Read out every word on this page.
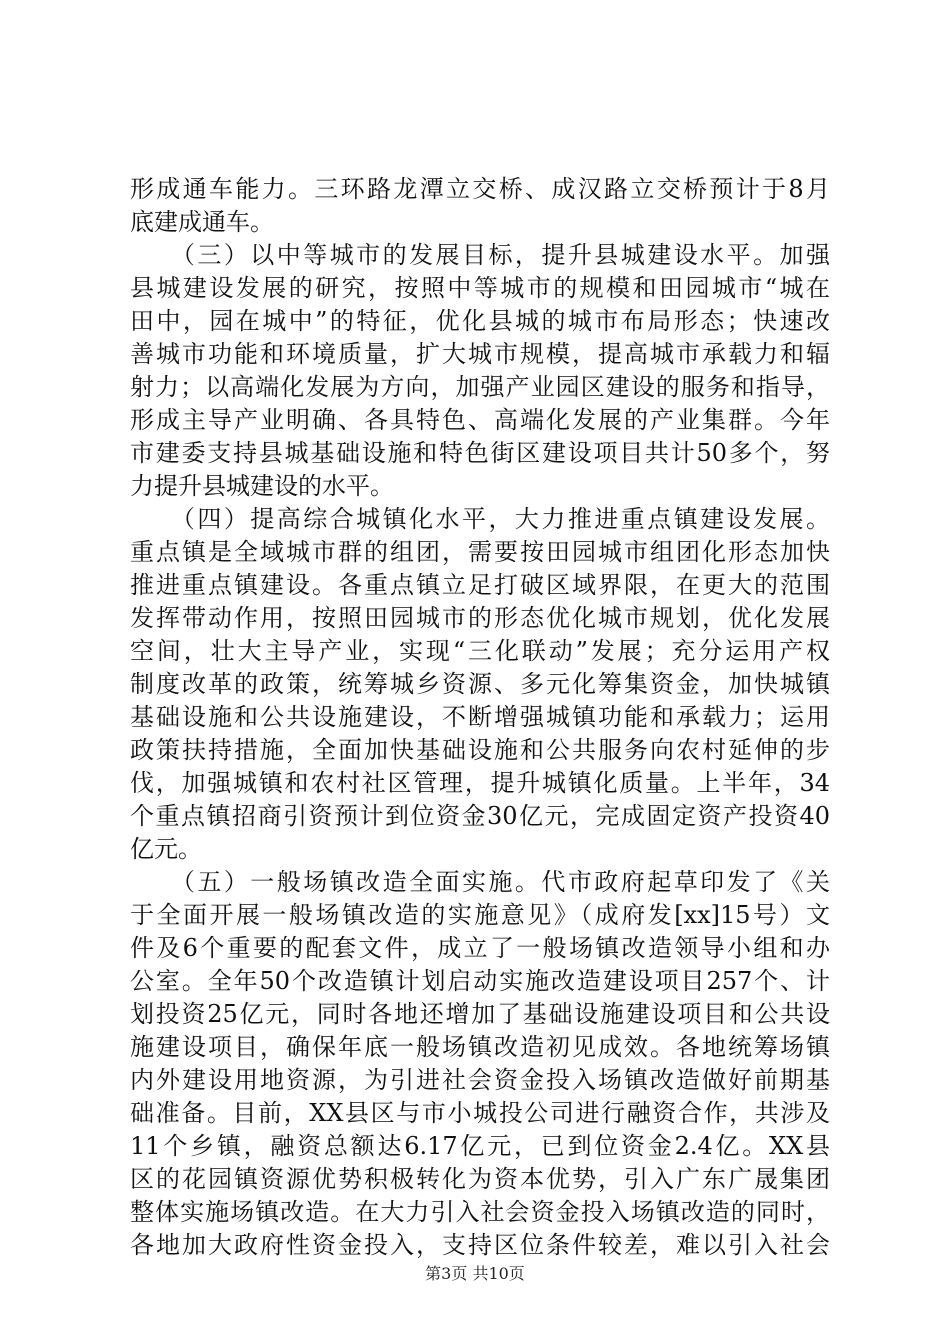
形成通车能力。三环路龙潭立交桥、成汉路立交桥预计于8月
底建成通车。
　　（三）以中等城市的发展目标，提升县城建设水平。加强
县城建设发展的研究，按照中等城市的规模和田园城市“城在
田中，园在城中”的特征，优化县城的城市布局形态；快速改
善城市功能和环境质量，扩大城市规模，提高城市承载力和辐
射力；以高端化发展为方向，加强产业园区建设的服务和指导，
形成主导产业明确、各具特色、高端化发展的产业集群。今年
市建委支持县城基础设施和特色街区建设项目共计50多个，努
力提升县城建设的水平。
　　（四）提高综合城镇化水平，大力推进重点镇建设发展。
重点镇是全域城市群的组团，需要按田园城市组团化形态加快
推进重点镇建设。各重点镇立足打破区域界限，在更大的范围
发挥带动作用，按照田园城市的形态优化城市规划，优化发展
空间，壮大主导产业，实现“三化联动”发展；充分运用产权
制度改革的政策，统筹城乡资源、多元化筹集资金，加快城镇
基础设施和公共设施建设，不断增强城镇功能和承载力；运用
政策扶持措施，全面加快基础设施和公共服务向农村延伸的步
伐，加强城镇和农村社区管理，提升城镇化质量。上半年，34
个重点镇招商引资预计到位资金30亿元，完成固定资产投资40
亿元。
　　（五）一般场镇改造全面实施。代市政府起草印发了《关
于全面开展一般场镇改造的实施意见》（成府发[xx]15号）文
件及6个重要的配套文件，成立了一般场镇改造领导小组和办
公室。全年50个改造镇计划启动实施改造建设项目257个、计
划投资25亿元，同时各地还增加了基础设施建设项目和公共设
施建设项目，确保年底一般场镇改造初见成效。各地统筹场镇
内外建设用地资源，为引进社会资金投入场镇改造做好前期基
础准备。目前，XX县区与市小城投公司进行融资合作，共涉及
11个乡镇，融资总额达6.17亿元，已到位资金2.4亿。XX县
区的花园镇资源优势积极转化为资本优势，引入广东广晟集团
整体实施场镇改造。在大力引入社会资金投入场镇改造的同时，
各地加大政府性资金投入，支持区位条件较差，难以引入社会
第3页 共10页
